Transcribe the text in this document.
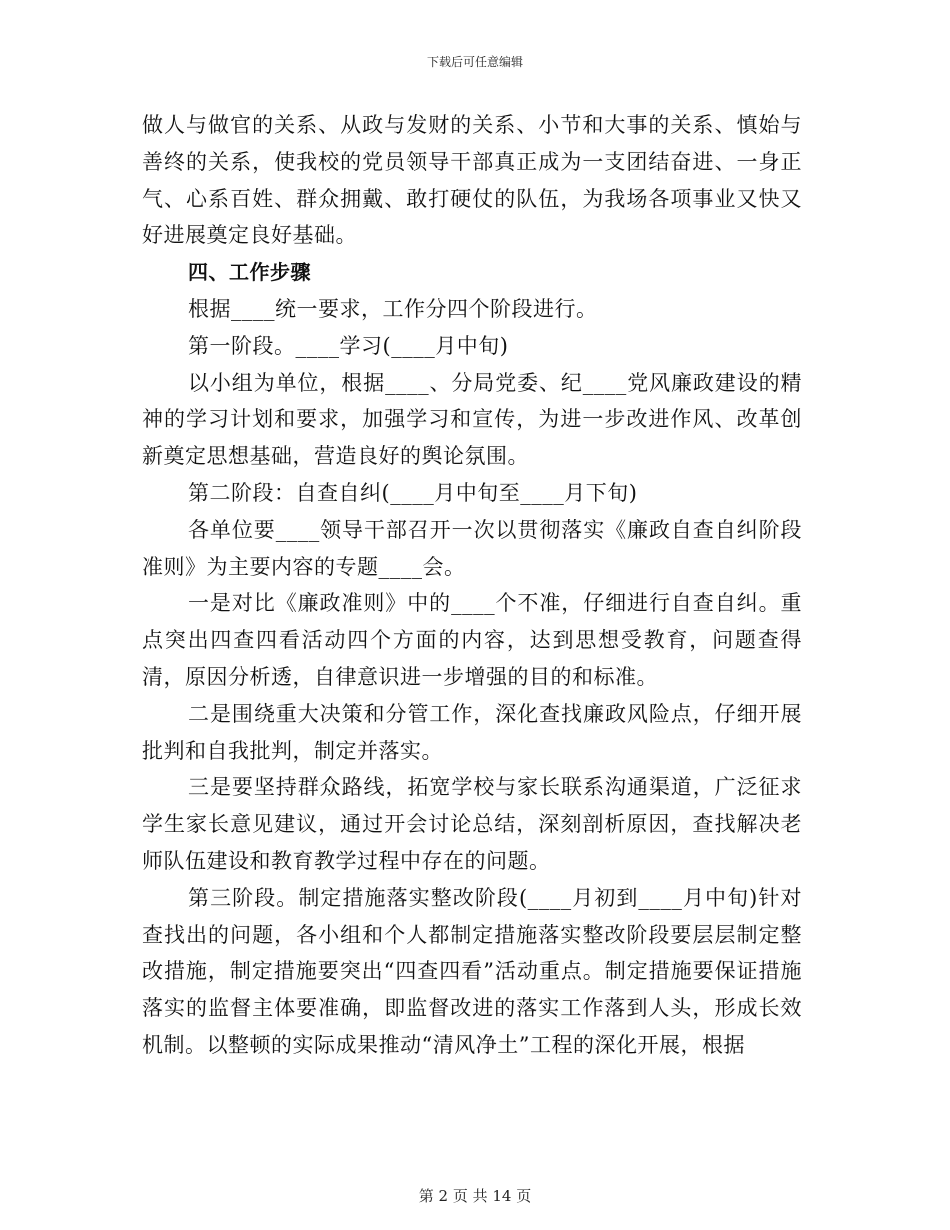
下载后可任意编辑

做人与做官的关系、从政与发财的关系、小节和大事的关系、慎始与善终的关系，使我校的党员领导干部真正成为一支团结奋进、一身正气、心系百姓、群众拥戴、敢打硬仗的队伍，为我场各项事业又快又好进展奠定良好基础。

四、工作步骤

根据____统一要求，工作分四个阶段进行。

第一阶段。____学习(____月中旬)

以小组为单位，根据____、分局党委、纪____党风廉政建设的精神的学习计划和要求，加强学习和宣传，为进一步改进作风、改革创新奠定思想基础，营造良好的舆论氛围。

第二阶段：自查自纠(____月中旬至____月下旬)

各单位要____领导干部召开一次以贯彻落实《廉政自查自纠阶段准则》为主要内容的专题____会。

一是对比《廉政准则》中的____个不准，仔细进行自查自纠。重点突出四查四看活动四个方面的内容，达到思想受教育，问题查得清，原因分析透，自律意识进一步增强的目的和标准。

二是围绕重大决策和分管工作，深化查找廉政风险点，仔细开展批判和自我批判，制定并落实。

三是要坚持群众路线，拓宽学校与家长联系沟通渠道，广泛征求学生家长意见建议，通过开会讨论总结，深刻剖析原因，查找解决老师队伍建设和教育教学过程中存在的问题。

第三阶段。制定措施落实整改阶段(____月初到____月中旬)针对查找出的问题，各小组和个人都制定措施落实整改阶段要层层制定整改措施，制定措施要突出“四查四看”活动重点。制定措施要保证措施落实的监督主体要准确，即监督改进的落实工作落到人头，形成长效机制。以整顿的实际成果推动“清风净土”工程的深化开展，根据

第 2 页 共 14 页
